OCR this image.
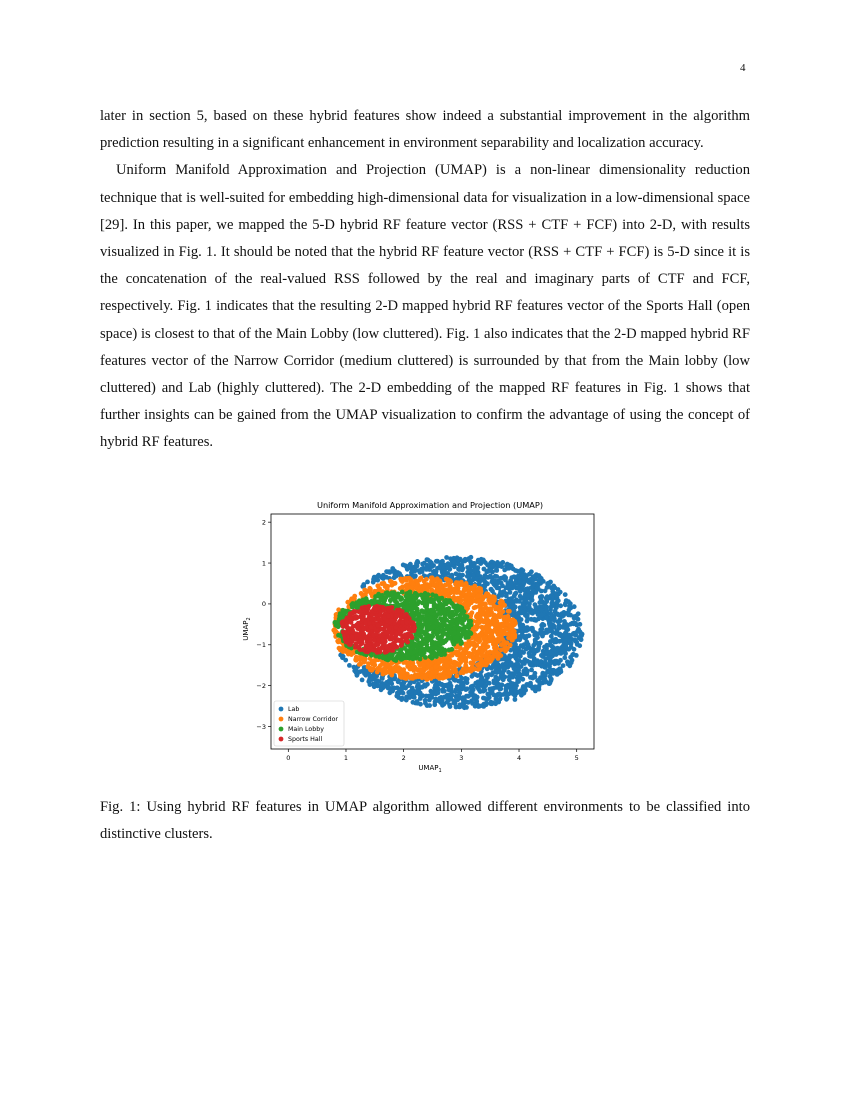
4

later in section 5, based on these hybrid features show indeed a substantial improvement in the algorithm prediction resulting in a significant enhancement in environment separability and localization accuracy.

Uniform Manifold Approximation and Projection (UMAP) is a non-linear dimensionality reduction technique that is well-suited for embedding high-dimensional data for visualization in a low-dimensional space [29]. In this paper, we mapped the 5-D hybrid RF feature vector (RSS + CTF + FCF) into 2-D, with results visualized in Fig. 1. It should be noted that the hybrid RF feature vector (RSS + CTF + FCF) is 5-D since it is the concatenation of the real-valued RSS followed by the real and imaginary parts of CTF and FCF, respectively. Fig. 1 indicates that the resulting 2-D mapped hybrid RF features vector of the Sports Hall (open space) is closest to that of the Main Lobby (low cluttered). Fig. 1 also indicates that the 2-D mapped hybrid RF features vector of the Narrow Corridor (medium cluttered) is surrounded by that from the Main lobby (low cluttered) and Lab (highly cluttered). The 2-D embedding of the mapped RF features in Fig. 1 shows that further insights can be gained from the UMAP visualization to confirm the advantage of using the concept of hybrid RF features.

Uniform Manifold Approximation and Projection (UMAP)
0	1	2	3	4	5
−3
−2
−1
0
1
2
$UMAP_1$
$UMAP_2$
Lab
Narrow Corridor
Main Lobby
Sports Hall
Fig. 1: Using hybrid RF features in UMAP algorithm allowed different environments to be classified into distinctive clusters.
